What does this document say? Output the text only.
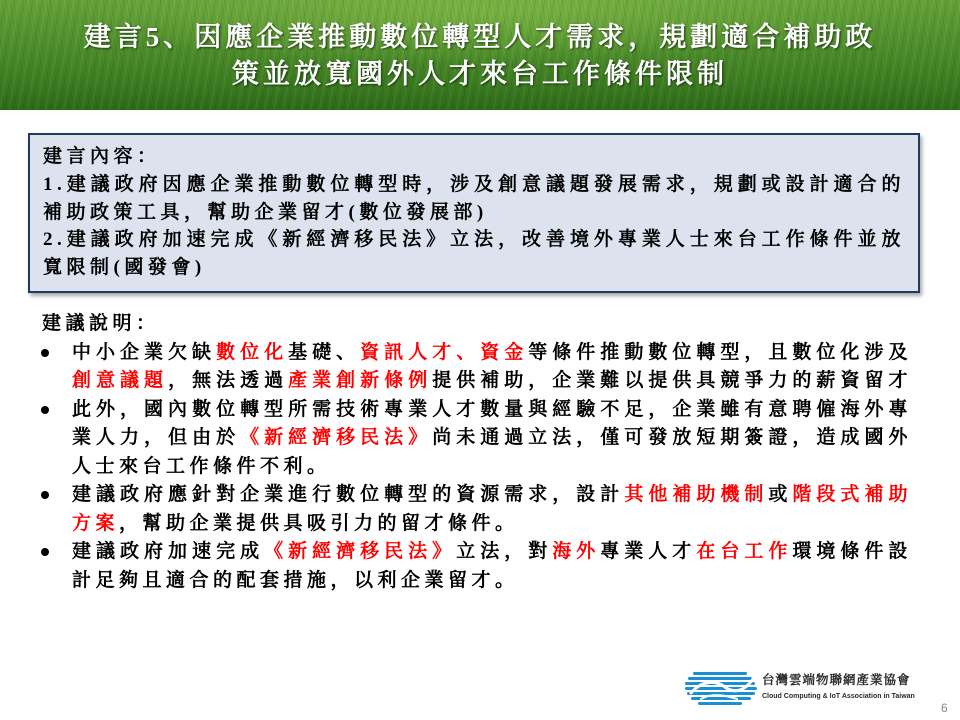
建言5、因應企業推動數位轉型人才需求，規劃適合補助政
策並放寬國外人才來台工作條件限制
建言內容：
1.建議政府因應企業推動數位轉型時，涉及創意議題發展需求，規劃或設計適合的
補助政策工具，幫助企業留才(數位發展部)
2.建議政府加速完成《新經濟移民法》立法，改善境外專業人士來台工作條件並放
寬限制(國發會)
建議說明：
中小企業欠缺數位化基礎、資訊人才、資金等條件推動數位轉型，且數位化涉及
創意議題，無法透過產業創新條例提供補助，企業難以提供具競爭力的薪資留才
此外，國內數位轉型所需技術專業人才數量與經驗不足，企業雖有意聘僱海外專
業人力，但由於《新經濟移民法》尚未通過立法，僅可發放短期簽證，造成國外
人士來台工作條件不利。
建議政府應針對企業進行數位轉型的資源需求，設計其他補助機制或階段式補助
方案，幫助企業提供具吸引力的留才條件。
建議政府加速完成《新經濟移民法》立法，對海外專業人才在台工作環境條件設
計足夠且適合的配套措施，以利企業留才。
台灣雲端物聯網產業協會
Cloud Computing & IoT Association in Taiwan
6
